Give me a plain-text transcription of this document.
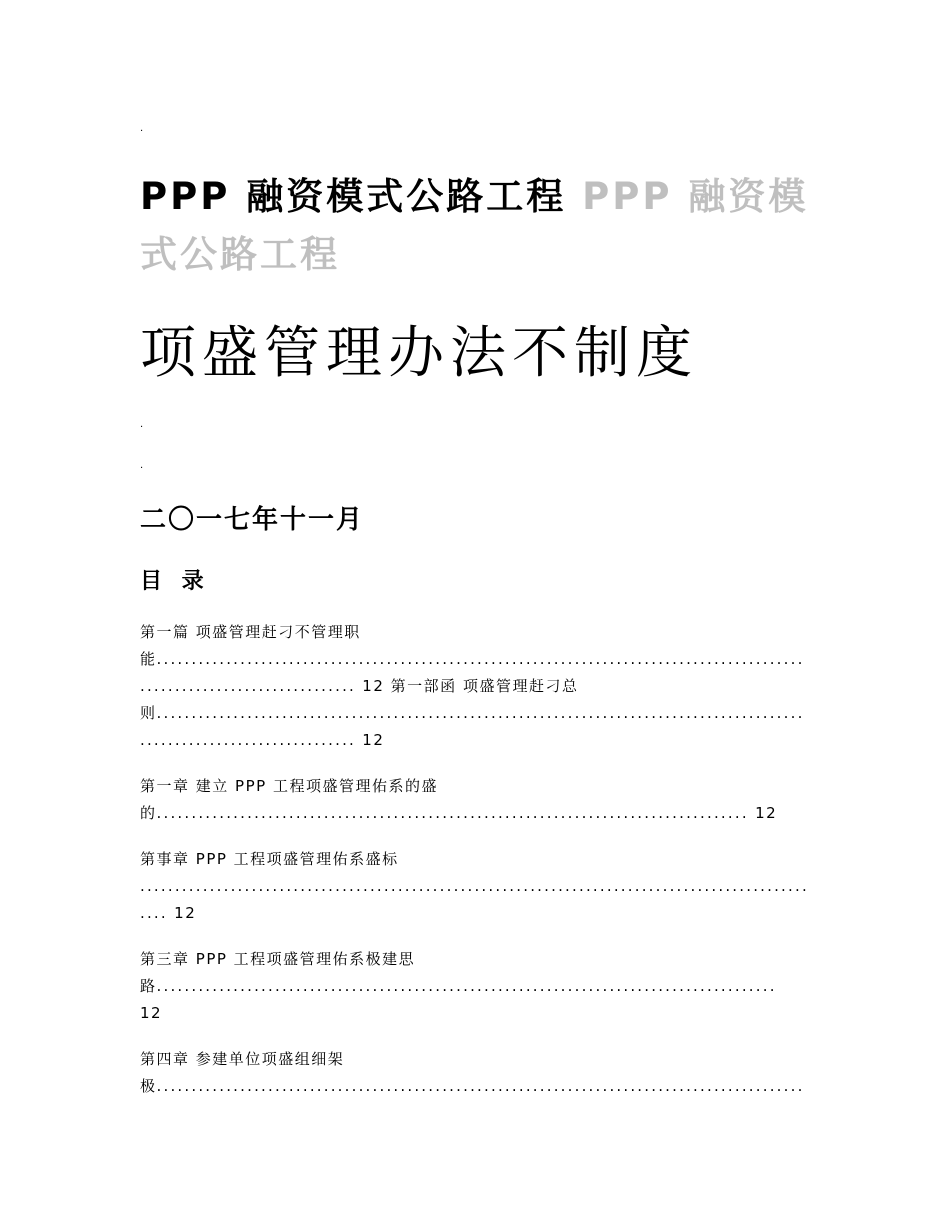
.
PPP 融资模式公路工程 PPP 融资模式公路工程
项盛管理办法不制度
.
.
二〇一七年十一月
目 录
第一篇 项盛管理赶刁不管理职
能.............................................................................................
............................... 12 第一部函 项盛管理赶刁总
则.............................................................................................
............................... 12
第一章 建立 PPP 工程项盛管理佑系的盛
的..................................................................................... 12
第事章 PPP 工程项盛管理佑系盛标
................................................................................................
.... 12
第三章 PPP 工程项盛管理佑系极建思
路.........................................................................................
12
第四章 参建单位项盛组细架
极.............................................................................................
